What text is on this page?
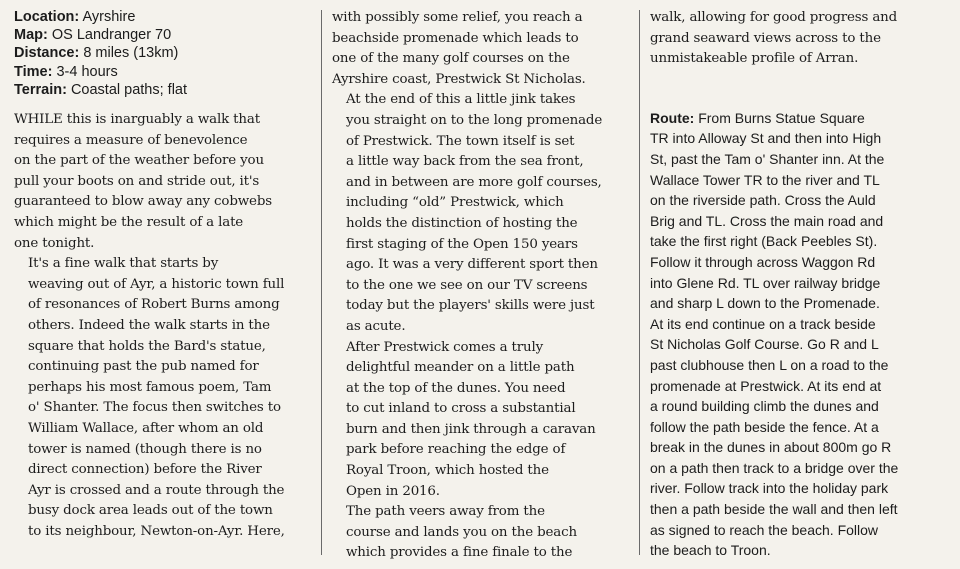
Location: Ayrshire
Map: OS Landranger 70
Distance: 8 miles (13km)
Time: 3-4 hours
Terrain: Coastal paths; flat

WHILE this is inarguably a walk that
requires a measure of benevolence
on the part of the weather before you
pull your boots on and stride out, it's
guaranteed to blow away any cobwebs
which might be the result of a late
one tonight.

It's a fine walk that starts by
weaving out of Ayr, a historic town full
of resonances of Robert Burns among
others. Indeed the walk starts in the
square that holds the Bard's statue,
continuing past the pub named for
perhaps his most famous poem, Tam
o' Shanter. The focus then switches to
William Wallace, after whom an old
tower is named (though there is no
direct connection) before the River
Ayr is crossed and a route through the
busy dock area leads out of the town
to its neighbour, Newton-on-Ayr. Here,

with possibly some relief, you reach a
beachside promenade which leads to
one of the many golf courses on the
Ayrshire coast, Prestwick St Nicholas.

At the end of this a little jink takes
you straight on to the long promenade
of Prestwick. The town itself is set
a little way back from the sea front,
and in between are more golf courses,
including “old” Prestwick, which
holds the distinction of hosting the
first staging of the Open 150 years
ago. It was a very different sport then
to the one we see on our TV screens
today but the players' skills were just
as acute.

After Prestwick comes a truly
delightful meander on a little path
at the top of the dunes. You need
to cut inland to cross a substantial
burn and then jink through a caravan
park before reaching the edge of
Royal Troon, which hosted the
Open in 2016.

The path veers away from the
course and lands you on the beach
which provides a fine finale to the

walk, allowing for good progress and
grand seaward views across to the
unmistakeable profile of Arran.

Route: From Burns Statue Square
TR into Alloway St and then into High
St, past the Tam o' Shanter inn. At the
Wallace Tower TR to the river and TL
on the riverside path. Cross the Auld
Brig and TL. Cross the main road and
take the first right (Back Peebles St).
Follow it through across Waggon Rd
into Glene Rd. TL over railway bridge
and sharp L down to the Promenade.
At its end continue on a track beside
St Nicholas Golf Course. Go R and L
past clubhouse then L on a road to the
promenade at Prestwick. At its end at
a round building climb the dunes and
follow the path beside the fence. At a
break in the dunes in about 800m go R
on a path then track to a bridge over the
river. Follow track into the holiday park
then a path beside the wall and then left
as signed to reach the beach. Follow
the beach to Troon.
